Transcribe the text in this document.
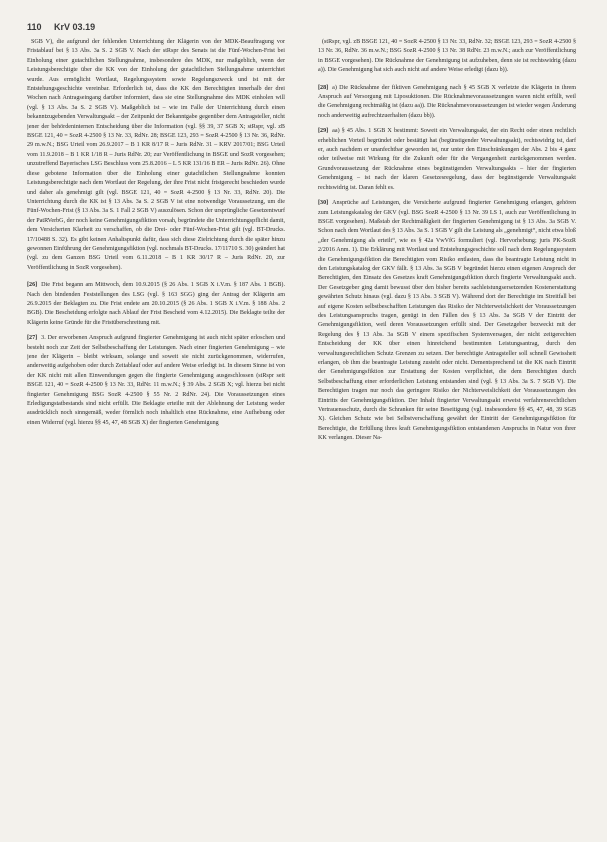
110 KrV 03.19

SGB V), die aufgrund der fehlenden Unterrichtung der Klägerin von der MDK-Beauftragung vor Fristablauf bei § 13 Abs. 3a S. 2 SGB V. Nach der stRspr des Senats ist die Fünf-Wochen-Frist bei Einholung einer gutachtlichen Stellungnahme, insbesondere des MDK, nur maßgeblich, wenn der Leistungsberechtigte über die KK von der Einholung der gutachtlichen Stellungnahme unterrichtet wurde. Aus ermöglicht Wortlaut, Regelungssystem sowie Regelungszweck und ist mit der Entstehungsgeschichte vereinbar. Erforderlich ist, dass die KK den Berechtigten innerhalb der drei Wochen nach Antragseingang darüber informiert, dass sie eine Stellungnahme des MDK einholen will (vgl. § 13 Abs. 3a S. 2 SGB V). Maßgeblich ist – wie im Falle der Unterrichtung durch einen bekanntzugebenden Verwaltungsakt – der Zeitpunkt der Bekanntgabe gegenüber dem Antragsteller, nicht jener der behördeninternen Entscheidung über die Information (vgl. §§ 39, 37 SGB X; stRspr, vgl. zB BSGE 121, 40 = SozR 4-2500 § 13 Nr. 33, RdNr. 28; BSGE 123, 293 = SozR 4-2500 § 13 Nr. 36, RdNr. 29 m.w.N.; BSG Urteil vom 26.9.2017 – B 1 KR 8/17 R – Juris RdNr. 31 – KRV 2017/01; BSG Urteil vom 11.9.2018 – B 1 KR 1/18 R – Juris RdNr. 20; zur Veröffentlichung in BSGE und SozR vorgesehen; unzutreffend Bayerisches LSG Beschluss vom 25.8.2016 – L 5 KR 131/16 B ER – Juris RdNr. 26). Ohne diese gebotene Information über die Einholung einer gutachtlichen Stellungnahme konnten Leistungsberechtigte nach dem Wortlaut der Regelung, der ihre Frist nicht fristgerecht beschieden wurde und daher als genehmigt gilt (vgl. BSGE 121, 40 = SozR 4-2500 § 13 Nr. 33, RdNr. 20). Die Unterrichtung durch die KK ist § 13 Abs. 3a S. 2 SGB V ist eine notwendige Voraussetzung, um die Fünf-Wochen-Frist (§ 13 Abs. 3a S. 1 Fall 2 SGB V) auszulösen. Schon der ursprüngliche Gesetzentwurf der PatRVerbG, der noch keine Genehmigungsfiktion vorsah, begründete die Unterrichtungspflicht damit, dem Versicherten Klarheit zu verschaffen, ob die Drei- oder Fünf-Wochen-Frist gilt (vgl. BT-Drucks. 17/10488 S. 32). Es gibt keinen Anhaltspunkt dafür, dass sich diese Zielrichtung durch die später hinzu gewonnen Einführung der Genehmigungsfiktion (vgl. nochmals BT-Drucks. 17/11710 S. 30) geändert hat (vgl. zu dem Ganzen BSG Urteil vom 6.11.2018 – B 1 KR 30/17 R – Juris RdNr. 20, zur Veröffentlichung in SozR vorgesehen).

[26] Die Frist begann am Mittwoch, dem 10.9.2015 (§ 26 Abs. 1 SGB X i.V.m. § 187 Abs. 1 BGB). Nach den bindenden Feststellungen des LSG (vgl. § 163 SGG) ging der Antrag der Klägerin am 26.9.2015 der Beklagten zu. Die Frist endete am 20.10.2015 (§ 26 Abs. 1 SGB X i.V.m. § 188 Abs. 2 BGB). Die Bescheidung erfolgte nach Ablauf der Frist Bescheid vom 4.12.2015). Die Beklagte teilte der Klägerin keine Gründe für die Fristüberschreitung mit.

[27] 3. Der erworbenen Anspruch aufgrund fingierter Genehmigung ist auch nicht später erloschen und besteht noch zur Zeit der Selbstbeschaffung der Leistungen. Nach einer fingierten Genehmigung – wie jene der Klägerin – bleibt wirksam, solange und soweit sie nicht zurückgenommen, widerrufen, anderweitig aufgehoben oder durch Zeitablauf oder auf andere Weise erledigt ist. In diesem Sinne ist von der KK nicht mit allen Einwendungen gegen die fingierte Genehmigung ausgeschlossen (stRspr seit BSGE 121, 40 = SozR 4-2500 § 13 Nr. 33, RdNr. 11 m.w.N.; § 39 Abs. 2 SGB X; vgl. hierzu bei nicht fingierter Genehmigung BSG SozR 4-2500 § 55 Nr. 2 RdNr. 24). Die Voraussetzungen eines Erledigungstatbestands sind nicht erfüllt. Die Beklagte erteilte mit der Ablehnung der Leistung weder ausdrücklich noch sinngemäß, weder förmlich noch inhaltlich eine Rücknahme, eine Aufhebung oder einen Widerruf (vgl. hierzu §§ 45, 47, 48 SGB X) der fingierten Genehmigung

(stRspr, vgl. zB BSGE 121, 40 = SozR 4-2500 § 13 Nr. 33, RdNr. 32; BSGE 123, 293 = SozR 4-2500 § 13 Nr. 36, RdNr. 36 m.w.N.; BSG SozR 4-2500 § 13 Nr. 38 RdNr. 23 m.w.N.; auch zur Veröffentlichung in BSGE vorgesehen). Die Rücknahme der Genehmigung ist aufzuheben, denn sie ist rechtswidrig (dazu a)). Die Genehmigung hat sich auch nicht auf andere Weise erledigt (dazu b)).

[28] a) Die Rücknahme der fiktiven Genehmigung nach § 45 SGB X verletzte die Klägerin in ihrem Anspruch auf Versorgung mit Liposuktionen. Die Rücknahmevoraussetzungen waren nicht erfüllt, weil die Genehmigung rechtmäßig ist (dazu aa)). Die Rücknahmevoraussetzungen ist wieder wegen Änderung noch anderweitig aufrechtzuerhalten (dazu bb)).

[29] aa) § 45 Abs. 1 SGB X bestimmt: Soweit ein Verwaltungsakt, der ein Recht oder einen rechtlich erheblichen Vorteil begründet oder bestätigt hat (begünstigender Verwaltungsakt), rechtswidrig ist, darf er, auch nachdem er unanfechtbar geworden ist, nur unter den Einschränkungen der Abs. 2 bis 4 ganz oder teilweise mit Wirkung für die Zukunft oder für die Vergangenheit zurückgenommen werden. Grundvoraussetzung der Rücknahme eines begünstigenden Verwaltungsakts – hier der fingierten Genehmigung – ist nach der klaren Gesetzesregelung, dass der begünstigende Verwaltungsakt rechtswidrig ist. Daran fehlt es.

[30] Ansprüche auf Leistungen, die Versicherte aufgrund fingierter Genehmigung erlangen, gehören zum Leistungskatalog der GKV (vgl. BSG SozR 4-2500 § 13 Nr. 39 LS 1, auch zur Veröffentlichung in BSGE vorgesehen). Maßstab der Rechtmäßigkeit der fingierten Genehmigung ist § 13 Abs. 3a SGB V. Schon nach dem Wortlaut des § 13 Abs. 3a S. 1 SGB V gilt die Leistung als „genehmigt“, nicht etwa bloß „der Genehmigung als erteilt“, wie es § 42a VwVfG formuliert (vgl. Hervorhebung; juris PK-SozR 2/2016 Anm. 1). Die Erklärung mit Wortlaut und Entstehungsgeschichte soll nach dem Regelungssystem die Genehmigungsfiktion die Berechtigten vom Risiko entlasten, dass die beantragte Leistung nicht in den Leistungskatalog der GKV fällt. § 13 Abs. 3a SGB V begründet hierzu einen eigenen Anspruch der Berechtigten, den Einsatz des Gesetzes kraft Genehmigungsfiktion durch fingierte Verwaltungsakt auch. Der Gesetzgeber ging damit bewusst über den bisher bereits sachleistungsersetzenden Kostenerstattung gewährten Schutz hinaus (vgl. dazu § 13 Abs. 3 SGB V). Während dort der Berechtigte im Streitfall bei auf eigene Kosten selbstbeschafften Leistungen das Risiko der Nichterweislichkeit der Voraussetzungen des Leistungsanspruchs tragen, genügt in den Fällen des § 13 Abs. 3a SGB V der Eintritt der Genehmigungsfiktion, weil deren Voraussetzungen erfüllt sind. Der Gesetzgeber bezweckt mit der Regelung des § 13 Abs. 3a SGB V einem spezifischen Systemversagen, der nicht zeitgerechten Entscheidung der KK über einen hinreichend bestimmten Leistungsantrag, durch den verwaltungsrechtlichen Schutz Grenzen zu setzen. Der berechtigte Antragsteller soll schnell Gewissheit erlangen, ob ihm die beantragte Leistung zusteht oder nicht. Dementsprechend ist die KK nach Eintritt der Genehmigungsfiktion zur Erstattung der Kosten verpflichtet, die dem Berechtigten durch Selbstbeschaffung einer erforderlichen Leistung entstanden sind (vgl. § 13 Abs. 3a S. 7 SGB V). Die Berechtigten tragen nur noch das geringere Risiko der Nichterweislichkeit der Voraussetzungen des Eintritts der Genehmigungsfiktion. Der Inhalt fingierter Verwaltungsakt erweist verfahrensrechtlichen Vertrauensschutz, durch die Schranken für seine Beseitigung (vgl. insbesondere §§ 45, 47, 48, 39 SGB X). Gleichen Schutz wie bei Selbstverschaffung gewährt der Eintritt der Genehmigungsfiktion für Berechtigte, die Erfüllung ihres kraft Genehmigungsfiktion entstandenen Anspruchs in Natur von ihrer KK verlangen. Dieser Na-
